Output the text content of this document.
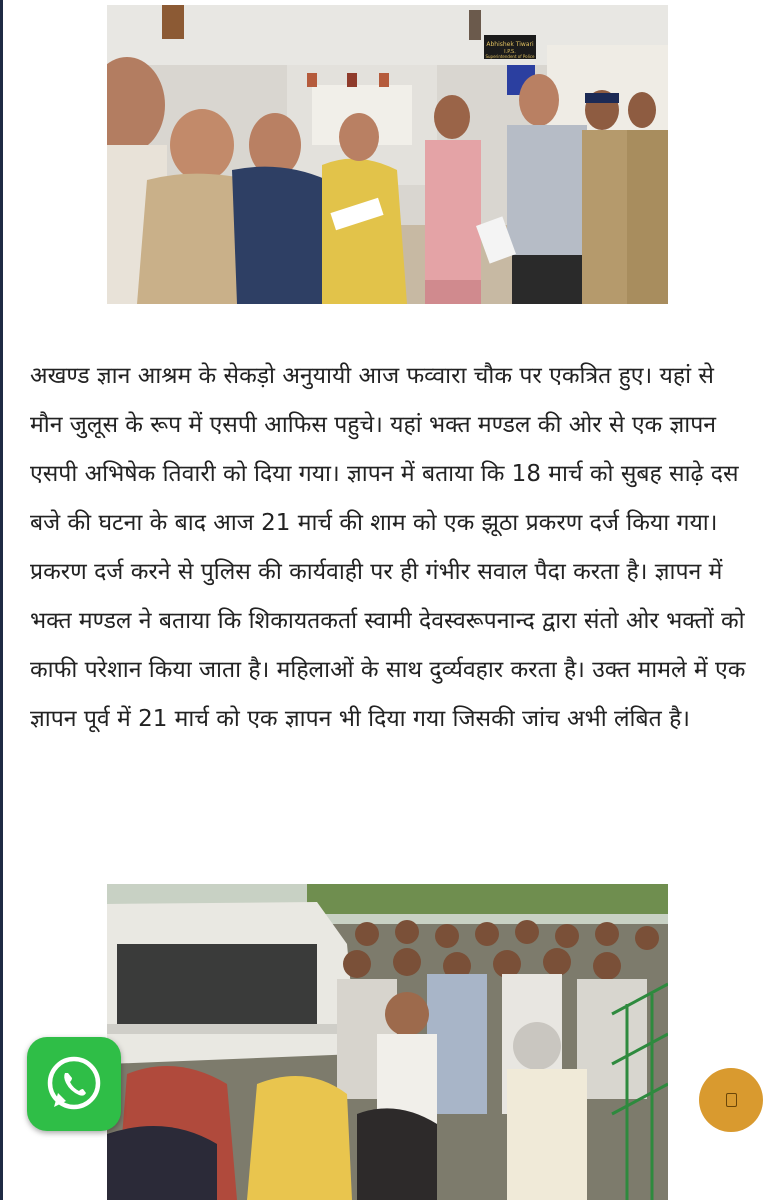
Abhishek Tiwari
I.P.S.
Superintendent of Police

अखण्ड ज्ञान आश्रम के सेकड़ो अनुयायी आज फव्वारा चौक पर एकत्रित हुए। यहां से मौन जुलूस के रूप में एसपी आफिस पहुचे। यहां भक्त मण्डल की ओर से एक ज्ञापन एसपी अभिषेक तिवारी को दिया गया। ज्ञापन में बताया कि 18 मार्च को सुबह साढ़े दस बजे की घटना के बाद आज 21 मार्च की शाम को एक झूठा प्रकरण दर्ज किया गया। प्रकरण दर्ज करने से पुलिस की कार्यवाही पर ही गंभीर सवाल पैदा करता है। ज्ञापन में भक्त मण्डल ने बताया कि शिकायतकर्ता स्वामी देवस्वरूपनान्द द्वारा संतो ओर भक्तों को काफी परेशान किया जाता है। महिलाओं के साथ दुर्व्यवहार करता है। उक्त मामले में एक ज्ञापन पूर्व में 21 मार्च को एक ज्ञापन भी दिया गया जिसकी जांच अभी लंबित है।
